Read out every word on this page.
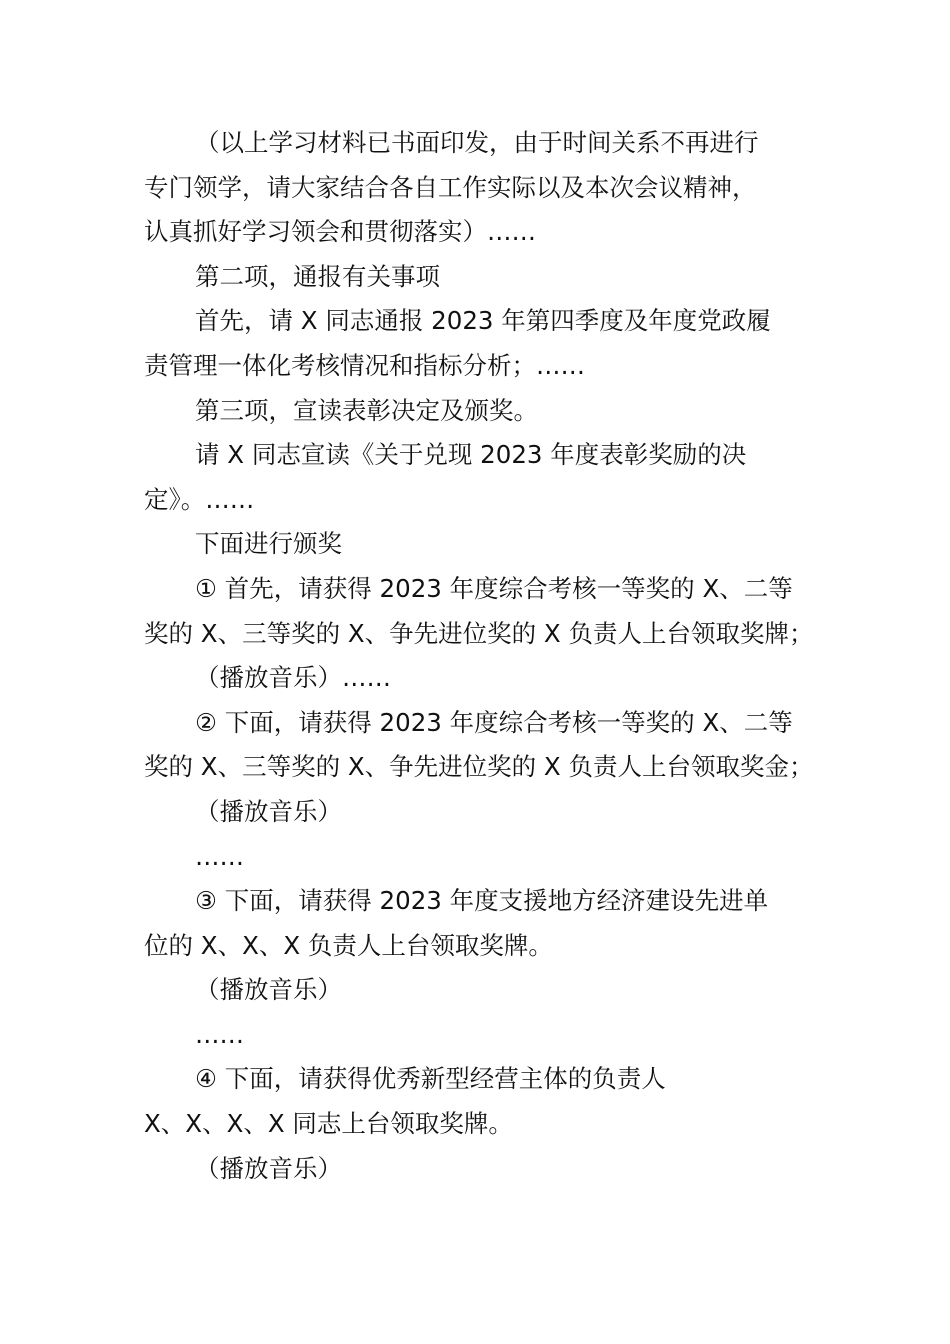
（以上学习材料已书面印发，由于时间关系不再进行
专门领学，请大家结合各自工作实际以及本次会议精神，
认真抓好学习领会和贯彻落实）……
第二项，通报有关事项
首先，请 X 同志通报 2023 年第四季度及年度党政履
责管理一体化考核情况和指标分析；……
第三项，宣读表彰决定及颁奖。
请 X 同志宣读《关于兑现 2023 年度表彰奖励的决
定》。……
下面进行颁奖
① 首先，请获得 2023 年度综合考核一等奖的 X、二等
奖的 X、三等奖的 X、争先进位奖的 X 负责人上台领取奖牌；
（播放音乐）……
② 下面，请获得 2023 年度综合考核一等奖的 X、二等
奖的 X、三等奖的 X、争先进位奖的 X 负责人上台领取奖金；
（播放音乐）
……
③ 下面，请获得 2023 年度支援地方经济建设先进单
位的 X、X、X 负责人上台领取奖牌。
（播放音乐）
……
④ 下面，请获得优秀新型经营主体的负责人
X、X、X、X 同志上台领取奖牌。
（播放音乐）
